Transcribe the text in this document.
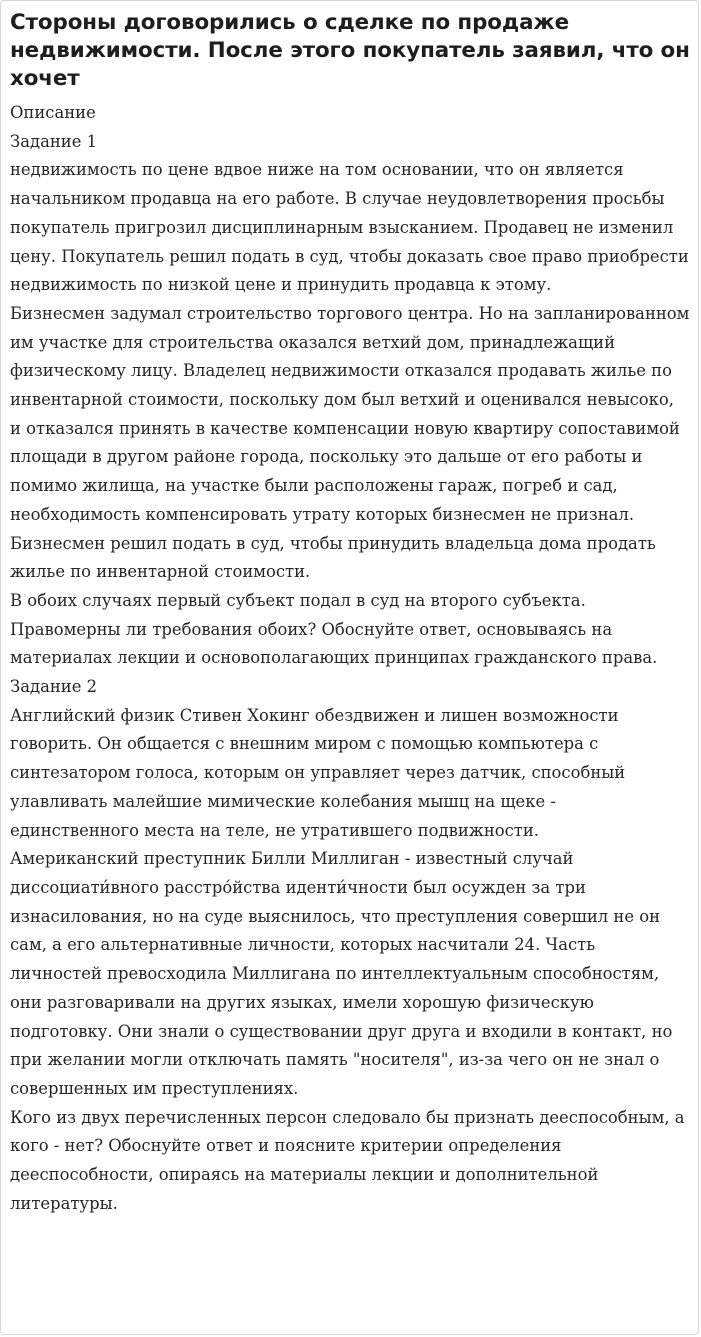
Стороны договорились о сделке по продаже недвижимости. После этого покупатель заявил, что он хочет
Описание
Задание 1
недвижимость по цене вдвое ниже на том основании, что он является начальником продавца на его работе. В случае неудовлетворения просьбы покупатель пригрозил дисциплинарным взысканием. Продавец не изменил цену. Покупатель решил подать в суд, чтобы доказать свое право приобрести недвижимость по низкой цене и принудить продавца к этому.
Бизнесмен задумал строительство торгового центра. Но на запланированном им участке для строительства оказался ветхий дом, принадлежащий физическому лицу. Владелец недвижимости отказался продавать жилье по инвентарной стоимости, поскольку дом был ветхий и оценивался невысоко, и отказался принять в качестве компенсации новую квартиру сопоставимой площади в другом районе города, поскольку это дальше от его работы и помимо жилища, на участке были расположены гараж, погреб и сад, необходимость компенсировать утрату которых бизнесмен не признал. Бизнесмен решил подать в суд, чтобы принудить владельца дома продать жилье по инвентарной стоимости.
В обоих случаях первый субъект подал в суд на второго субъекта. Правомерны ли требования обоих? Обоснуйте ответ, основываясь на материалах лекции и основополагающих принципах гражданского права.
Задание 2
Английский физик Стивен Хокинг обездвижен и лишен возможности говорить. Он общается с внешним миром с помощью компьютера с синтезатором голоса, которым он управляет через датчик, способный улавливать малейшие мимические колебания мышц на щеке - единственного места на теле, не утратившего подвижности.
Американский преступник Билли Миллиган - известный случай диссоциати́вного расстро́йства иденти́чности был осужден за три изнасилования, но на суде выяснилось, что преступления совершил не он сам, а его альтернативные личности, которых насчитали 24. Часть личностей превосходила Миллигана по интеллектуальным способностям, они разговаривали на других языках, имели хорошую физическую подготовку. Они знали о существовании друг друга и входили в контакт, но при желании могли отключать память "носителя", из-за чего он не знал о совершенных им преступлениях.
Кого из двух перечисленных персон следовало бы признать дееспособным, а кого - нет? Обоснуйте ответ и поясните критерии определения дееспособности, опираясь на материалы лекции и дополнительной литературы.
